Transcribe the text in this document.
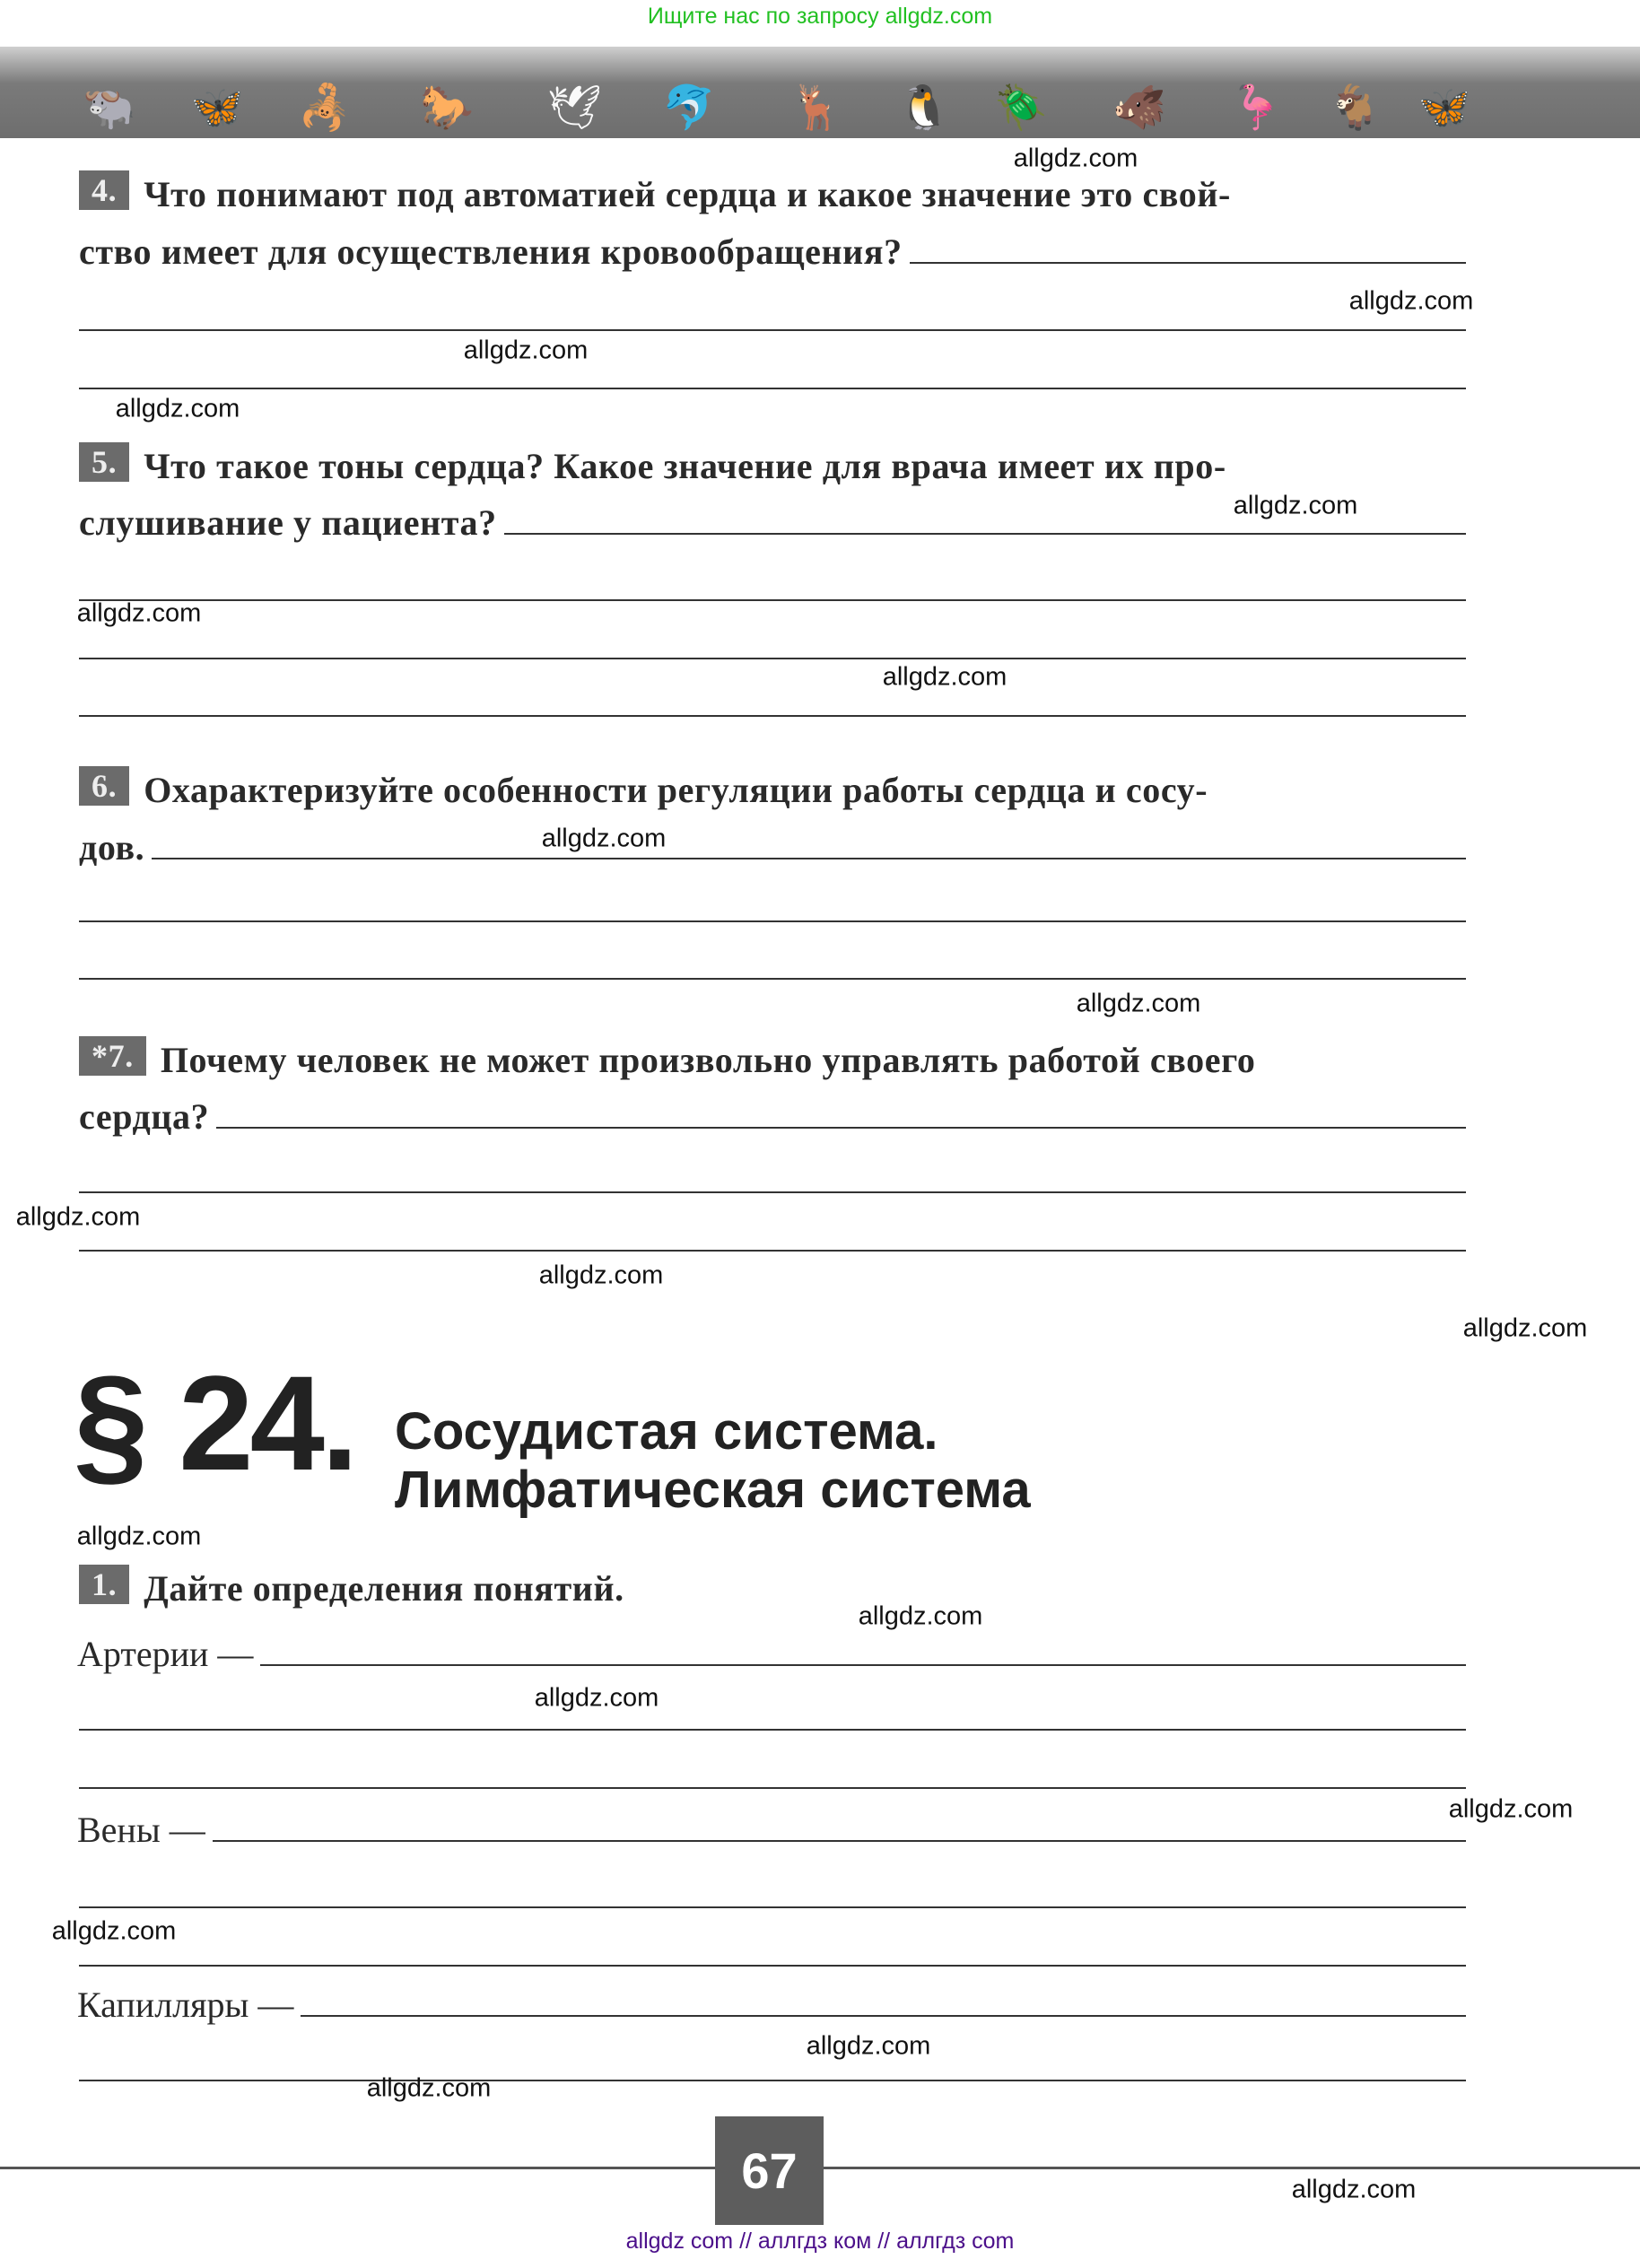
Ищите нас по запросу allgdz.com
🐃 🦋 🦂 🐎 🕊 🐬 🦌 🐧 🪲 🐗 🦩 🐐 🦋
4. Что понимают под автоматией сердца и какое значение это свой-
ство имеет для осуществления кровообращения?
5. Что такое тоны сердца? Какое значение для врача имеет их про-
слушивание у пациента?
6. Охарактеризуйте особенности регуляции работы сердца и сосу-
дов.
*7. Почему человек не может произвольно управлять работой своего
сердца?
§ 24. Сосудистая система.
Лимфатическая система
1. Дайте определения понятий.
Артерии —
Вены —
Капилляры —
allgdz.com
allgdz.com
allgdz.com
allgdz.com
allgdz.com
allgdz.com
allgdz.com
allgdz.com
allgdz.com
allgdz.com
allgdz.com
allgdz.com
allgdz.com
allgdz.com
allgdz.com
allgdz.com
allgdz.com
allgdz.com
allgdz.com
allgdz.com
67
allgdz com // аллгдз ком // аллгдз com
